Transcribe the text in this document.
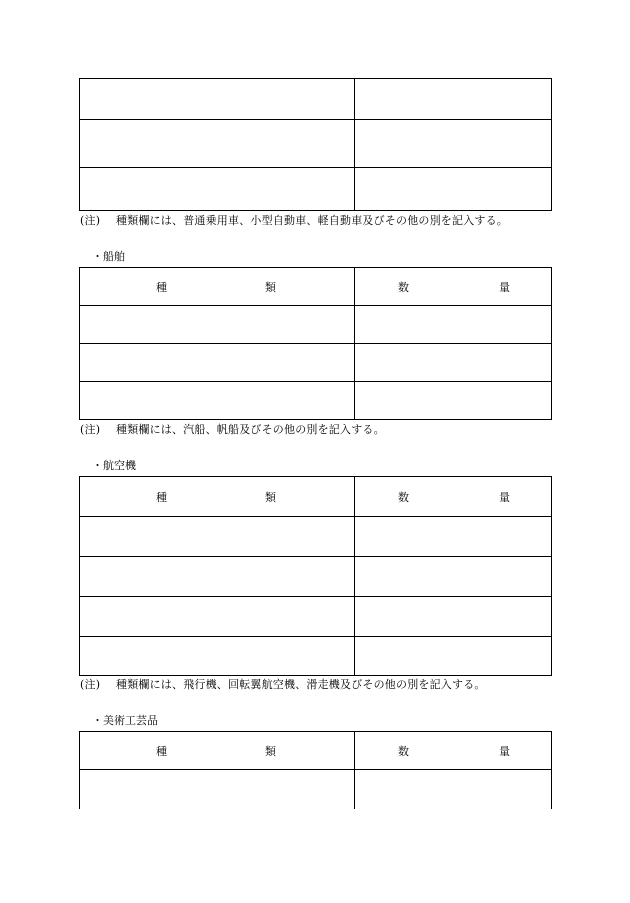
(注) 種類欄には、普通乗用車、小型自動車、軽自動車及びその他の別を記入する。
・船舶
種 類	数 量

(注) 種類欄には、汽船、帆船及びその他の別を記入する。
・航空機
種 類	数 量

(注) 種類欄には、飛行機、回転翼航空機、滑走機及びその他の別を記入する。
・美術工芸品
種 類	数 量
